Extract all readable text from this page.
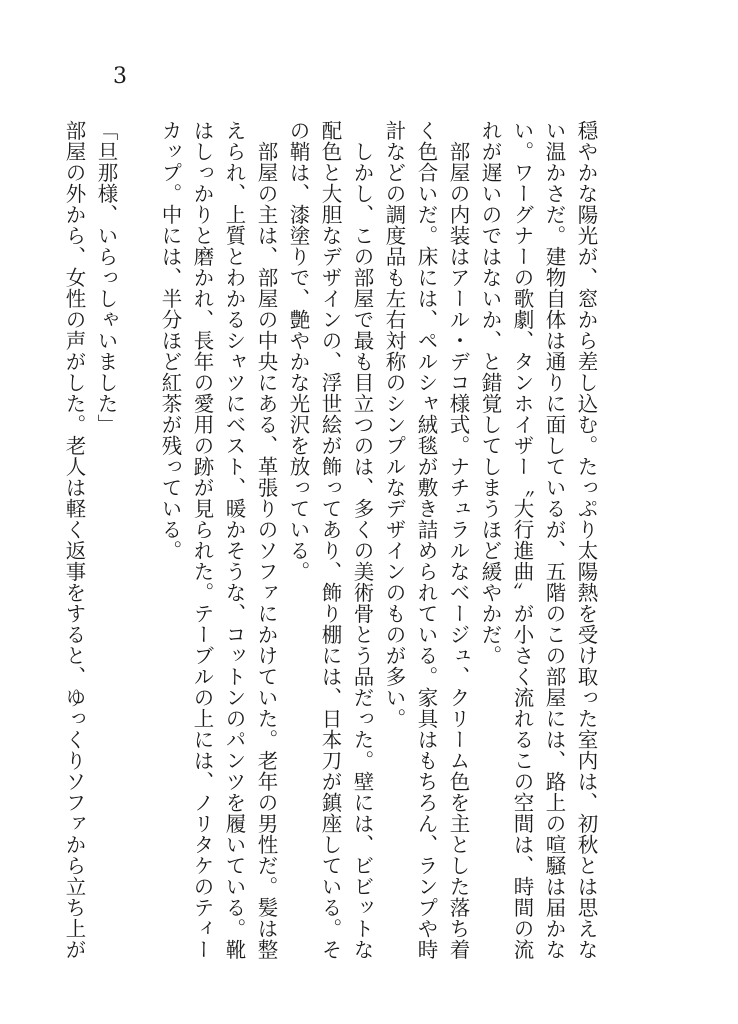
3

穏やかな陽光が、窓から差し込む。たっぷり太陽熱を受け取った室内は、初秋とは思えない温かさだ。建物自体は通りに面しているが、五階のこの部屋には、路上の喧騒は届かない。ワーグナーの歌劇、タンホイザー〝大行進曲〟が小さく流れるこの空間は、時間の流れが遅いのではないか、と錯覚してしまうほど緩やかだ。

部屋の内装はアール・デコ様式。ナチュラルなベージュ、クリーム色を主とした落ち着く色合いだ。床には、ペルシャ絨毯が敷き詰められている。家具はもちろん、ランプや時計などの調度品も左右対称のシンプルなデザインのものが多い。

しかし、この部屋で最も目立つのは、多くの美術骨とう品だった。壁には、ビビットな配色と大胆なデザインの、浮世絵が飾ってあり、飾り棚には、日本刀が鎮座している。その鞘は、漆塗りで、艶やかな光沢を放っている。

部屋の主は、部屋の中央にある、革張りのソファにかけていた。老年の男性だ。髪は整えられ、上質とわかるシャツにベスト、暖かそうな、コットンのパンツを履いている。靴はしっかりと磨かれ、長年の愛用の跡が見られた。テーブルの上には、ノリタケのティーカップ。中には、半分ほど紅茶が残っている。

「旦那様、いらっしゃいました」

部屋の外から、女性の声がした。老人は軽く返事をすると、ゆっくりソファから立ち上が
